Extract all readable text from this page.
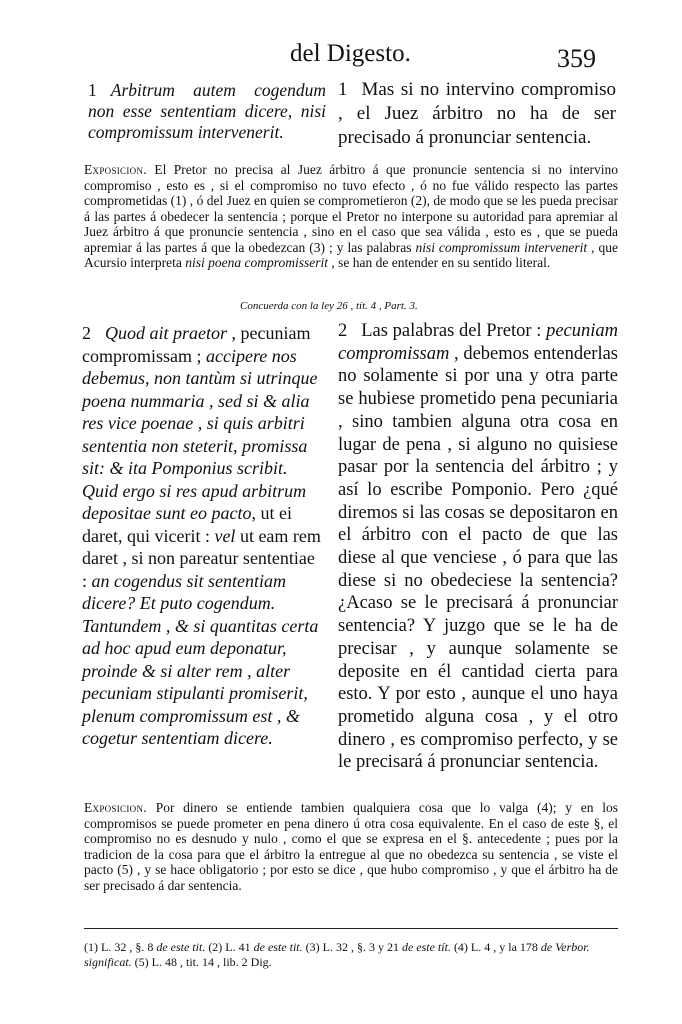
del Digesto.	359

1 Arbitrum autem cogendum non esse sententiam dicere, nisi compromissum intervenerit.

1 Mas si no intervino compromiso , el Juez árbitro no ha de ser precisado á pronunciar sentencia.

Exposicion. El Pretor no precisa al Juez árbitro á que pronuncie sentencia si no intervino compromiso , esto es , si el compromiso no tuvo efecto , ó no fue válido respecto las partes comprometidas (1) , ó del Juez en quien se comprometieron (2), de modo que se les pueda precisar á las partes á obedecer la sentencia ; porque el Pretor no interpone su autoridad para apremiar al Juez árbitro á que pronuncie sentencia , sino en el caso que sea válida , esto es , que se pueda apremiar á las partes á que la obedezcan (3) ; y las palabras nisi compromissum intervenerit , que Acursio interpreta nisi poena compromisserit , se han de entender en su sentido literal.

Concuerda con la ley 26 , tít. 4 , Part. 3.

2 Quod ait praetor , pecuniam compromissam ; accipere nos debemus, non tantùm si utrinque poena nummaria , sed si & alia res vice poenae , si quis arbitri sententia non steterit, promissa sit: & ita Pomponius scribit. Quid ergo si res apud arbitrum depositae sunt eo pacto, ut ei daret, qui vicerit : vel ut eam rem daret , si non pareatur sententiae : an cogendus sit sententiam dicere? Et puto cogendum. Tantundem , & si quantitas certa ad hoc apud eum deponatur, proinde & si alter rem , alter pecuniam stipulanti promiserit, plenum compromissum est , & cogetur sententiam dicere.

2 Las palabras del Pretor : pecuniam compromissam , debemos entenderlas no solamente si por una y otra parte se hubiese prometido pena pecuniaria , sino tambien alguna otra cosa en lugar de pena , si alguno no quisiese pasar por la sentencia del árbitro ; y así lo escribe Pomponio. Pero ¿qué diremos si las cosas se depositaron en el árbitro con el pacto de que las diese al que venciese , ó para que las diese si no obedeciese la sentencia? ¿Acaso se le precisará á pronunciar sentencia? Y juzgo que se le ha de precisar , y aunque solamente se deposite en él cantidad cierta para esto. Y por esto , aunque el uno haya prometido alguna cosa , y el otro dinero , es compromiso perfecto, y se le precisará á pronunciar sentencia.

Exposicion. Por dinero se entiende tambien qualquiera cosa que lo valga (4); y en los compromisos se puede prometer en pena dinero ú otra cosa equivalente. En el caso de este §, el compromiso no es desnudo y nulo , como el que se expresa en el §. antecedente ; pues por la tradicion de la cosa para que el árbitro la entregue al que no obedezca su sentencia , se viste el pacto (5) , y se hace obligatorio ; por esto se dice , que hubo compromiso , y que el árbitro ha de ser precisado á dar sentencia.

(1) L. 32 , §. 8 de este tit. (2) L. 41 de este tit. (3) L. 32 , §. 3 y 21 de este tít. (4) L. 4 , y la 178 de Verbor. significat. (5) L. 48 , tit. 14 , lib. 2 Dig.
